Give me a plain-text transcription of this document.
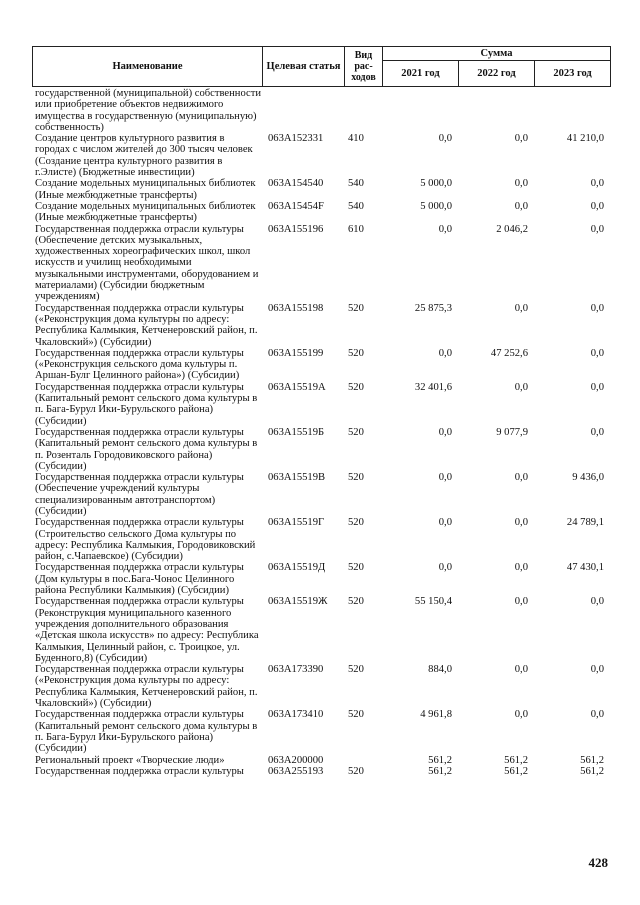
Наименование	Целевая статья	Вид рас-ходов	Сумма		
			2021 год	2022 год	2023 год
государственной (муниципальной) собственности или приобретение объектов недвижимого имущества в государственную (муниципальную) собственность)					
Создание центров культурного развития в городах с числом жителей до 300 тысяч человек (Создание центра культурного развития в г.Элисте) (Бюджетные инвестиции)	063А152331	410	0,0	0,0	41 210,0
Создание модельных муниципальных библиотек (Иные межбюджетные трансферты)	063А154540	540	5 000,0	0,0	0,0
Создание модельных муниципальных библиотек (Иные межбюджетные трансферты)	063А15454F	540	5 000,0	0,0	0,0
Государственная поддержка отрасли культуры (Обеспечение детских музыкальных, художественных хореографических школ, школ искусств и училищ необходимыми музыкальными инструментами, оборудованием и материалами) (Субсидии бюджетным учреждениям)	063А155196	610	0,0	2 046,2	0,0
Государственная поддержка отрасли культуры («Реконструкция дома культуры по адресу: Республика Калмыкия, Кетченеровский район, п. Чкаловский») (Субсидии)	063А155198	520	25 875,3	0,0	0,0
Государственная поддержка отрасли культуры («Реконструкция сельского дома культуры п. Аршан-Булг Целинного района») (Субсидии)	063А155199	520	0,0	47 252,6	0,0
Государственная поддержка отрасли культуры (Капитальный ремонт сельского дома культуры в п. Бага-Бурул Ики-Бурульского района) (Субсидии)	063А15519А	520	32 401,6	0,0	0,0
Государственная поддержка отрасли культуры (Капитальный ремонт сельского дома культуры в п. Розенталь Городовиковского района) (Субсидии)	063А15519Б	520	0,0	9 077,9	0,0
Государственная поддержка отрасли культуры (Обеспечение учреждений культуры специализированным автотранспортом) (Субсидии)	063А15519В	520	0,0	0,0	9 436,0
Государственная поддержка отрасли культуры (Строительство сельского Дома культуры по адресу: Республика Калмыкия, Городовиковский район, с.Чапаевское) (Субсидии)	063А15519Г	520	0,0	0,0	24 789,1
Государственная поддержка отрасли культуры (Дом культуры в пос.Бага-Чонос Целинного района Республики Калмыкия) (Субсидии)	063А15519Д	520	0,0	0,0	47 430,1
Государственная поддержка отрасли культуры (Реконструкция муниципального казенного учреждения дополнительного образования «Детская школа искусств» по адресу: Республика Калмыкия, Целинный район, с. Троицкое, ул. Буденного,8) (Субсидии)	063А15519Ж	520	55 150,4	0,0	0,0
Государственная поддержка отрасли культуры («Реконструкция дома культуры по адресу: Республика Калмыкия, Кетченеровский район, п. Чкаловский») (Субсидии)	063А173390	520	884,0	0,0	0,0
Государственная поддержка отрасли культуры (Капитальный ремонт сельского дома культуры в п. Бага-Бурул Ики-Бурульского района) (Субсидии)	063А173410	520	4 961,8	0,0	0,0
Региональный проект «Творческие люди»	063А200000		561,2	561,2	561,2
Государственная поддержка отрасли культуры	063А255193	520	561,2	561,2	561,2
428
